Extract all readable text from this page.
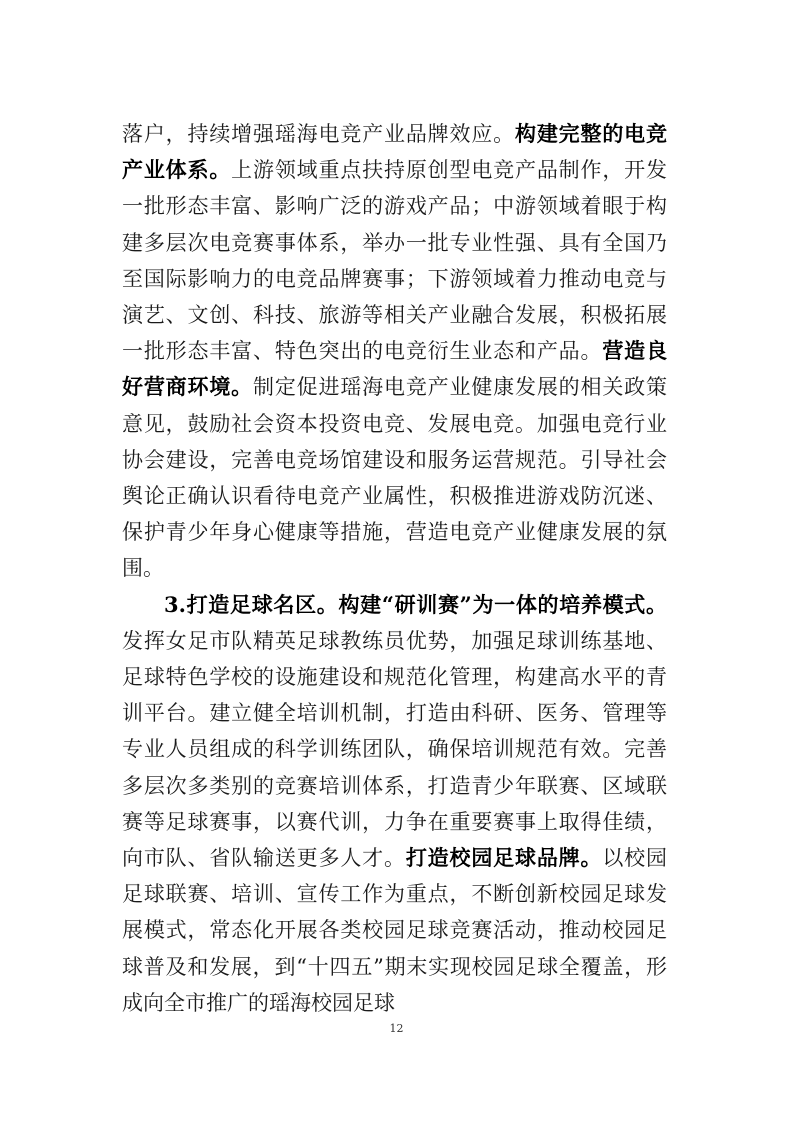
落户，持续增强瑶海电竞产业品牌效应。构建完整的电竞产业体系。上游领域重点扶持原创型电竞产品制作，开发一批形态丰富、影响广泛的游戏产品；中游领域着眼于构建多层次电竞赛事体系，举办一批专业性强、具有全国乃至国际影响力的电竞品牌赛事；下游领域着力推动电竞与演艺、文创、科技、旅游等相关产业融合发展，积极拓展一批形态丰富、特色突出的电竞衍生业态和产品。营造良好营商环境。制定促进瑶海电竞产业健康发展的相关政策意见，鼓励社会资本投资电竞、发展电竞。加强电竞行业协会建设，完善电竞场馆建设和服务运营规范。引导社会舆论正确认识看待电竞产业属性，积极推进游戏防沉迷、保护青少年身心健康等措施，营造电竞产业健康发展的氛围。

3.打造足球名区。构建“研训赛”为一体的培养模式。发挥女足市队精英足球教练员优势，加强足球训练基地、足球特色学校的设施建设和规范化管理，构建高水平的青训平台。建立健全培训机制，打造由科研、医务、管理等专业人员组成的科学训练团队，确保培训规范有效。完善多层次多类别的竞赛培训体系，打造青少年联赛、区域联赛等足球赛事，以赛代训，力争在重要赛事上取得佳绩，向市队、省队输送更多人才。打造校园足球品牌。以校园足球联赛、培训、宣传工作为重点，不断创新校园足球发展模式，常态化开展各类校园足球竞赛活动，推动校园足球普及和发展，到“十四五”期末实现校园足球全覆盖，形成向全市推广的瑶海校园足球

12
